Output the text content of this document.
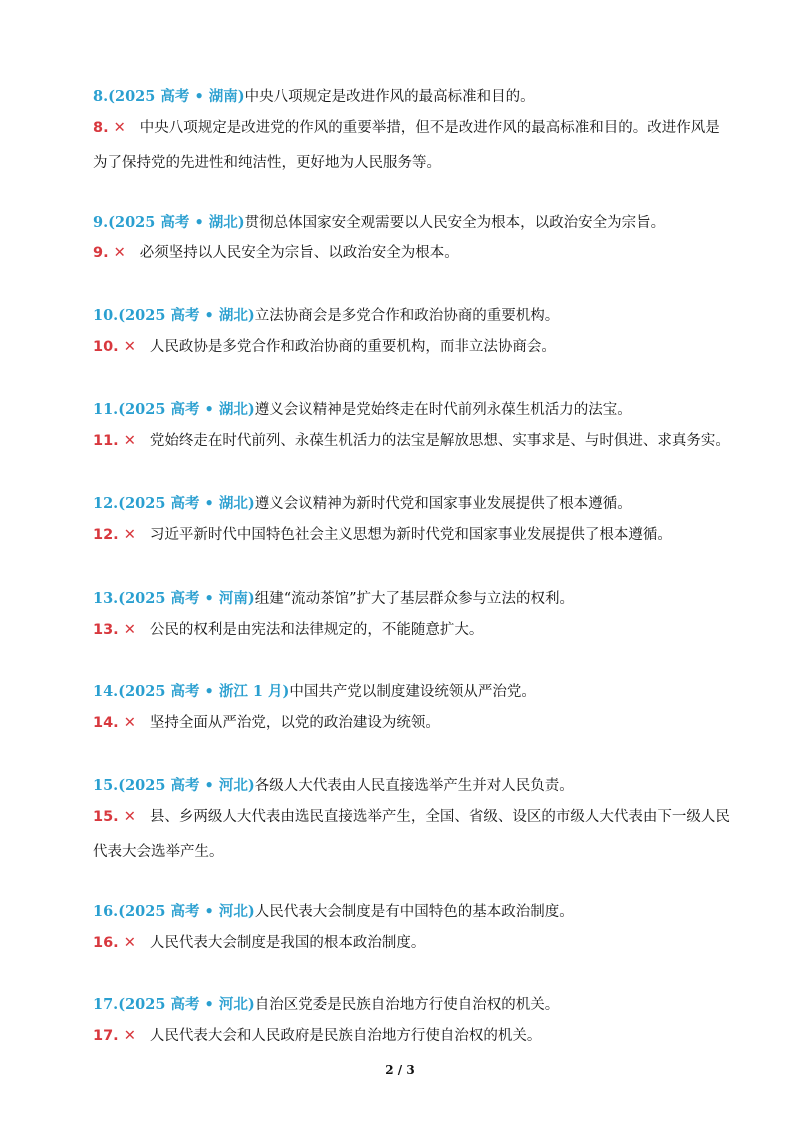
8.(2025 高考 • 湖南)中央八项规定是改进作风的最高标准和目的。
8. ✕ 中央八项规定是改进党的作风的重要举措，但不是改进作风的最高标准和目的。改进作风是为了保持党的先进性和纯洁性，更好地为人民服务等。
9.(2025 高考 • 湖北)贯彻总体国家安全观需要以人民安全为根本，以政治安全为宗旨。
9. ✕ 必须坚持以人民安全为宗旨、以政治安全为根本。
10.(2025 高考 • 湖北)立法协商会是多党合作和政治协商的重要机构。
10. ✕ 人民政协是多党合作和政治协商的重要机构，而非立法协商会。
11.(2025 高考 • 湖北)遵义会议精神是党始终走在时代前列永葆生机活力的法宝。
11. ✕ 党始终走在时代前列、永葆生机活力的法宝是解放思想、实事求是、与时俱进、求真务实。
12.(2025 高考 • 湖北)遵义会议精神为新时代党和国家事业发展提供了根本遵循。
12. ✕ 习近平新时代中国特色社会主义思想为新时代党和国家事业发展提供了根本遵循。
13.(2025 高考 • 河南)组建“流动茶馆”扩大了基层群众参与立法的权利。
13. ✕ 公民的权利是由宪法和法律规定的，不能随意扩大。
14.(2025 高考 • 浙江 1 月)中国共产党以制度建设统领从严治党。
14. ✕ 坚持全面从严治党，以党的政治建设为统领。
15.(2025 高考 • 河北)各级人大代表由人民直接选举产生并对人民负责。
15. ✕ 县、乡两级人大代表由选民直接选举产生，全国、省级、设区的市级人大代表由下一级人民代表大会选举产生。
16.(2025 高考 • 河北)人民代表大会制度是有中国特色的基本政治制度。
16. ✕ 人民代表大会制度是我国的根本政治制度。
17.(2025 高考 • 河北)自治区党委是民族自治地方行使自治权的机关。
17. ✕ 人民代表大会和人民政府是民族自治地方行使自治权的机关。
2 / 3
